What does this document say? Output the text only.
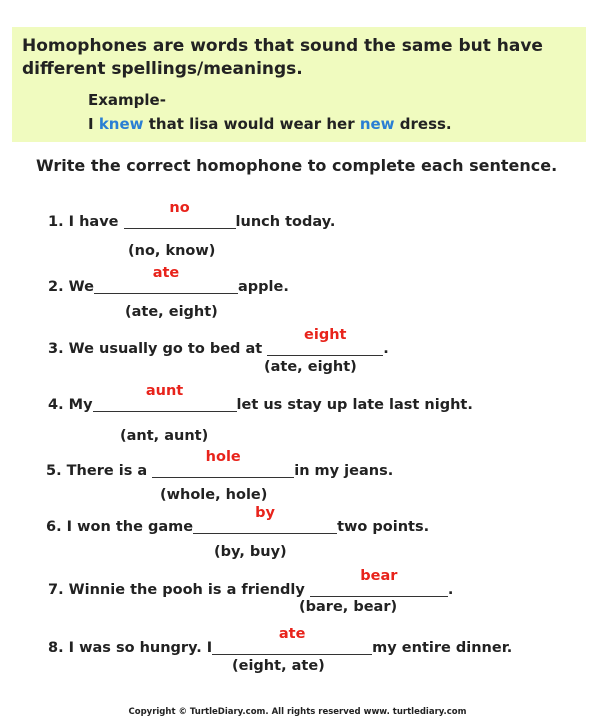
Homophones are words that sound the same but have different spellings/meanings.
Example-
I knew that lisa would wear her new dress.
Write the correct homophone to complete each sentence.
1. I have
no
lunch today.
(no, know)
2. We
ate
apple.
(ate, eight)
3. We usually go to bed at
eight
.
(ate, eight)
4. My
aunt
let us stay up late last night.
(ant, aunt)
5. There is a
hole
in my jeans.
(whole, hole)
6. I won the game
by
two points.
(by, buy)
7. Winnie the pooh is a friendly
bear
.
(bare, bear)
8. I was so hungry. I
ate
my entire dinner.
(eight, ate)
Copyright © TurtleDiary.com. All rights reserved www. turtlediary.com
